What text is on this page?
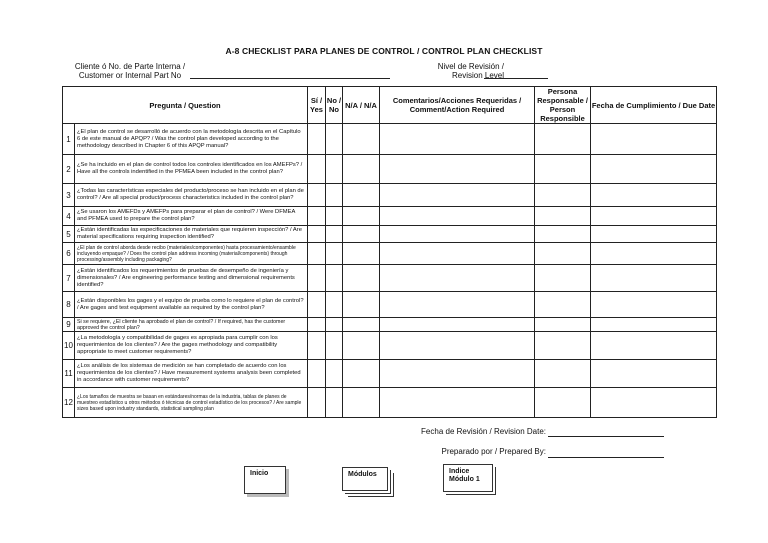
A-8 CHECKLIST PARA PLANES DE CONTROL / CONTROL PLAN CHECKLIST
Cliente ó No. de Parte Interna /
Customer or Internal Part No
Nivel de Revisión /
Revision Level
Pregunta / Question		Sí / Yes	No / No	N/A / N/A	Comentarios/Acciones Requeridas / Comment/Action Required	Persona Responsable / Person Responsible	Fecha de Cumplimiento / Due Date
1	¿El plan de control se desarrolló de acuerdo con la metodología descrita en el Capítulo 6 de este manual de APQP? / Was the control plan developed according to the methodology described in Chapter 6 of this APQP manual?						
2	¿Se ha incluido en el plan de control todos los controles identificados en los AMEFPs? / Have all the controls indentified in the PFMEA been included in the control plan?						
3	¿Todas las características especiales del producto/proceso se han incluido en el plan de control? / Are all special product/process characteristics included in the control plan?						
4	¿Se usaron los AMEFDs y AMEFPs para preparar el plan de control? / Were DFMEA and PFMEA used to prepare the control plan?						
5	¿Están identificadas las especificaciones de materiales que requieren inspección? / Are material specifications requiring inspection identified?						
6	¿El plan de control aborda desde recibo (materiales/componentes) hasta procesamiento/ensamble incluyendo empaque? / Does the control plan address incoming (material/components) through processing/assembly including packaging?						
7	¿Están identificados los requerimientos de pruebas de desempeño de ingeniería y dimensionales? / Are engineering performance testing and dimensional requirements identified?						
8	¿Están disponibles los gages y el equipo de prueba como lo requiere el plan de control? / Are gages and test equipment available as required by the control plan?						
9	Si se requiere, ¿El cliente ha aprobado el plan de control? / If required, has the customer approved the control plan?						
10	¿La metodología y compatibilidad de gages es apropiada para cumplir con los requerimientos de los clientes? / Are the gages methodology and compatibility appropriate to meet customer requirements?						
11	¿Los análisis de los sistemas de medición se han completado de acuerdo con los requerimientos de los clientes? / Have measurement systems analysis been completed in accordance with customer requirements?						
12	¿Los tamaños de muestra se basan en estándares/normas de la industria, tablas de planes de muestreo estadístico u otros métodos ó técnicas de control estadístico de los procesos? / Are sample sizes based upon industry standards, statistical sampling plan						
Fecha de Revisión / Revision Date:
Preparado por / Prepared By:
Inicio	Módulos	Indice
Módulo 1
